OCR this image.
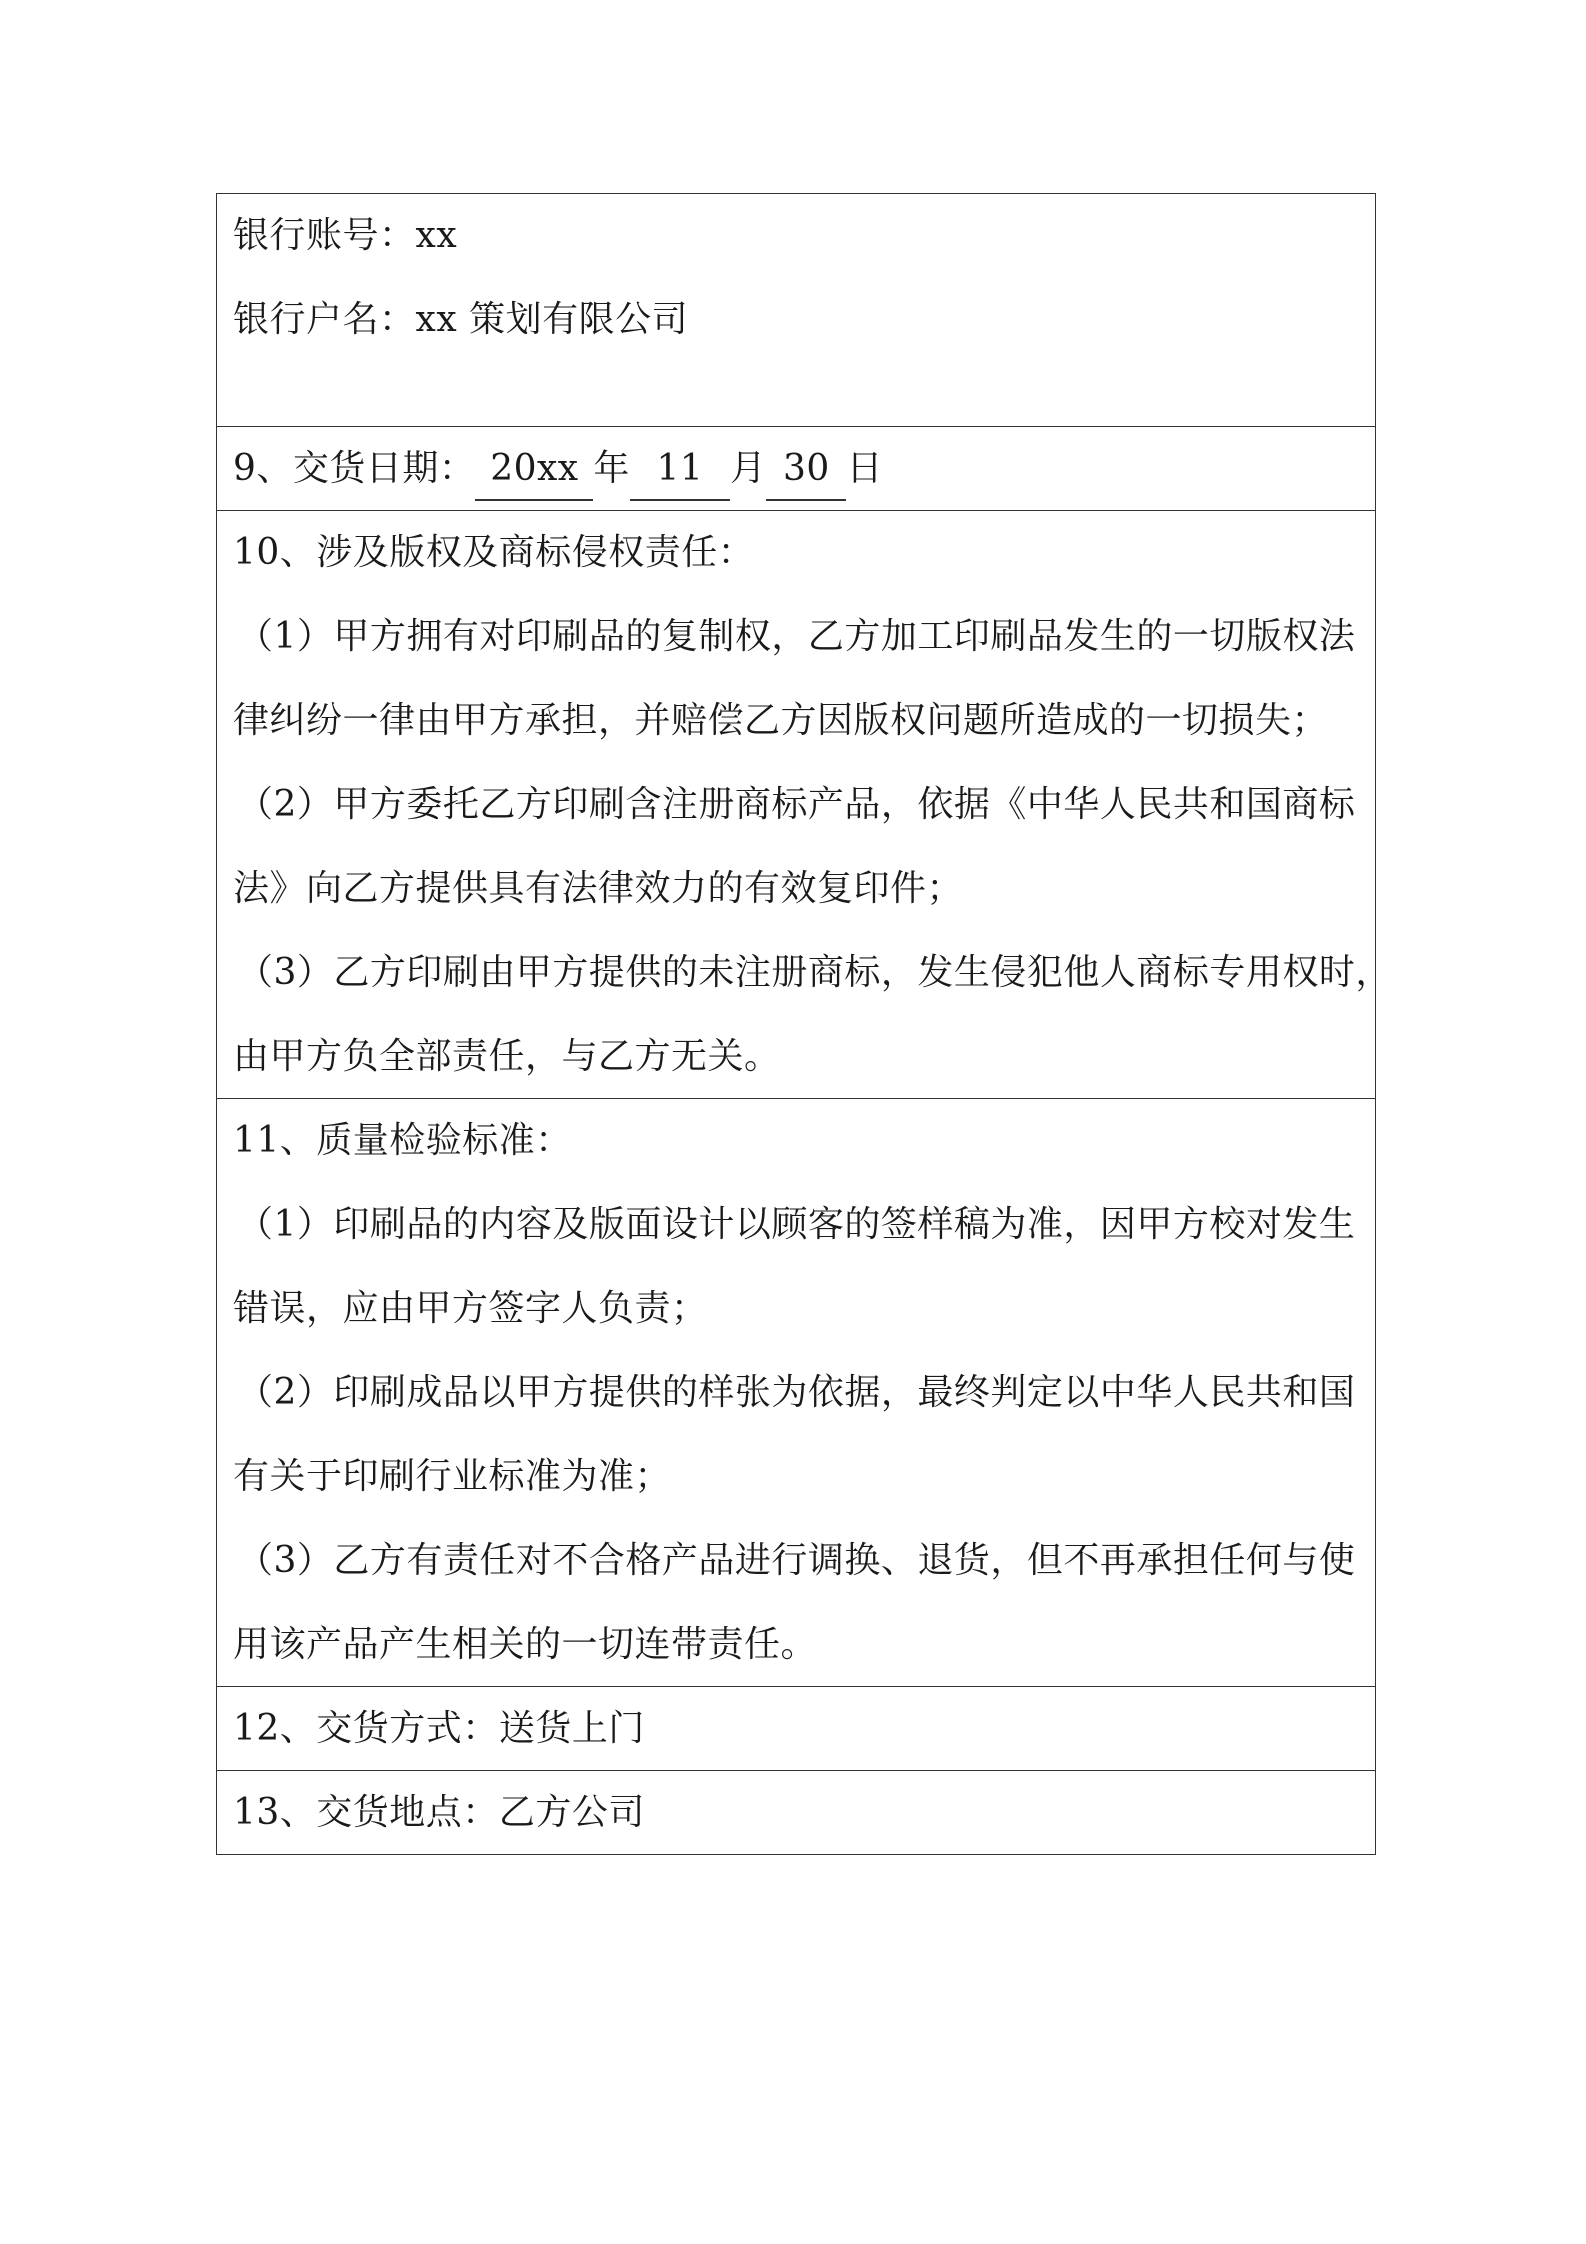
银行账号：xx
银行户名：xx 策划有限公司
9、交货日期： 20xx 年 11 月 30 日
10、涉及版权及商标侵权责任：
（1）甲方拥有对印刷品的复制权，乙方加工印刷品发生的一切版权法
律纠纷一律由甲方承担，并赔偿乙方因版权问题所造成的一切损失；
（2）甲方委托乙方印刷含注册商标产品，依据《中华人民共和国商标
法》向乙方提供具有法律效力的有效复印件；
（3）乙方印刷由甲方提供的未注册商标，发生侵犯他人商标专用权时，
由甲方负全部责任，与乙方无关。
11、质量检验标准：
（1）印刷品的内容及版面设计以顾客的签样稿为准，因甲方校对发生
错误，应由甲方签字人负责；
（2）印刷成品以甲方提供的样张为依据，最终判定以中华人民共和国
有关于印刷行业标准为准；
（3）乙方有责任对不合格产品进行调换、退货，但不再承担任何与使
用该产品产生相关的一切连带责任。
12、交货方式：送货上门
13、交货地点：乙方公司
